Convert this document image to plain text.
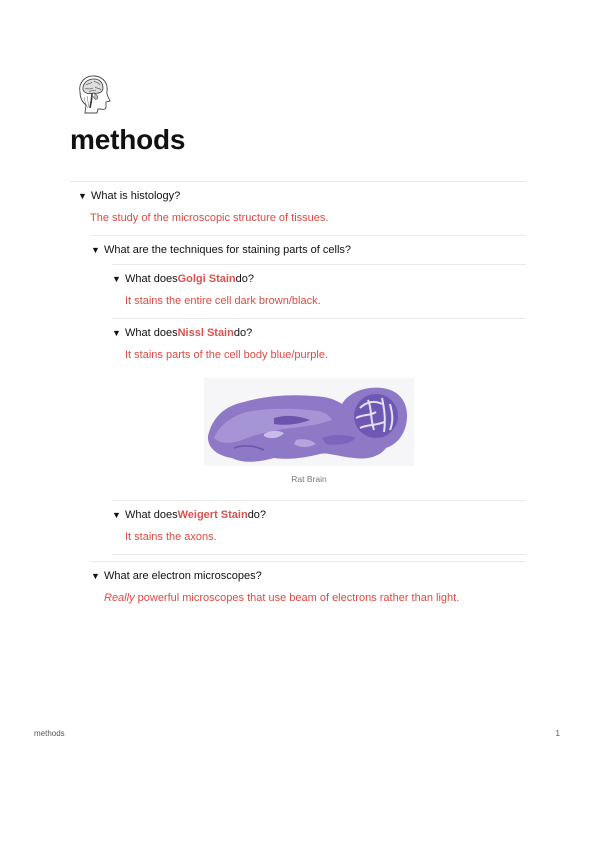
methods
▼ What is histology?
The study of the microscopic structure of tissues.
▼ What are the techniques for staining parts of cells?
▼ What does Golgi Stain do?
It stains the entire cell dark brown/black.
▼ What does Nissl Stain do?
It stains parts of the cell body blue/purple.
Rat Brain
▼ What does Weigert Stain do?
It stains the axons.
▼ What are electron microscopes?
Really powerful microscopes that use beam of electrons rather than light.
methods	1
